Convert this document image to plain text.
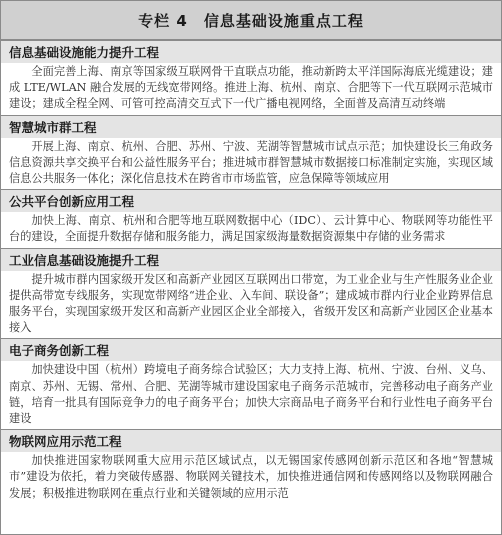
专栏 4　信息基础设施重点工程
信息基础设施能力提升工程
全面完善上海、南京等国家级互联网骨干直联点功能，推动新跨太平洋国际海底光缆建设；建成 LTE/WLAN 融合发展的无线宽带网络。推进上海、杭州、南京、合肥等下一代互联网示范城市建设；建成全程全网、可管可控高清交互式下一代广播电视网络，全面普及高清互动终端
智慧城市群工程
开展上海、南京、杭州、合肥、苏州、宁波、芜湖等智慧城市试点示范；加快建设长三角政务信息资源共享交换平台和公益性服务平台；推进城市群智慧城市数据接口标准制定实施，实现区域信息公共服务一体化；深化信息技术在跨省市市场监管，应急保障等领域应用
公共平台创新应用工程
加快上海、南京、杭州和合肥等地互联网数据中心（IDC）、云计算中心、物联网等功能性平台的建设，全面提升数据存储和服务能力，满足国家级海量数据资源集中存储的业务需求
工业信息基础设施提升工程
提升城市群内国家级开发区和高新产业园区互联网出口带宽，为工业企业与生产性服务业企业提供高带宽专线服务，实现宽带网络“进企业、入车间、联设备”；建成城市群内行业企业跨界信息服务平台，实现国家级开发区和高新产业园区企业全部接入，省级开发区和高新产业园区企业基本接入
电子商务创新工程
加快建设中国（杭州）跨境电子商务综合试验区；大力支持上海、杭州、宁波、台州、义乌、南京、苏州、无锡、常州、合肥、芜湖等城市建设国家电子商务示范城市，完善移动电子商务产业链，培育一批具有国际竞争力的电子商务平台；加快大宗商品电子商务平台和行业性电子商务平台建设
物联网应用示范工程
加快推进国家物联网重大应用示范区域试点，以无锡国家传感网创新示范区和各地“智慧城市”建设为依托，着力突破传感器、物联网关键技术，加快推进通信网和传感网络以及物联网融合发展；积极推进物联网在重点行业和关键领域的应用示范
